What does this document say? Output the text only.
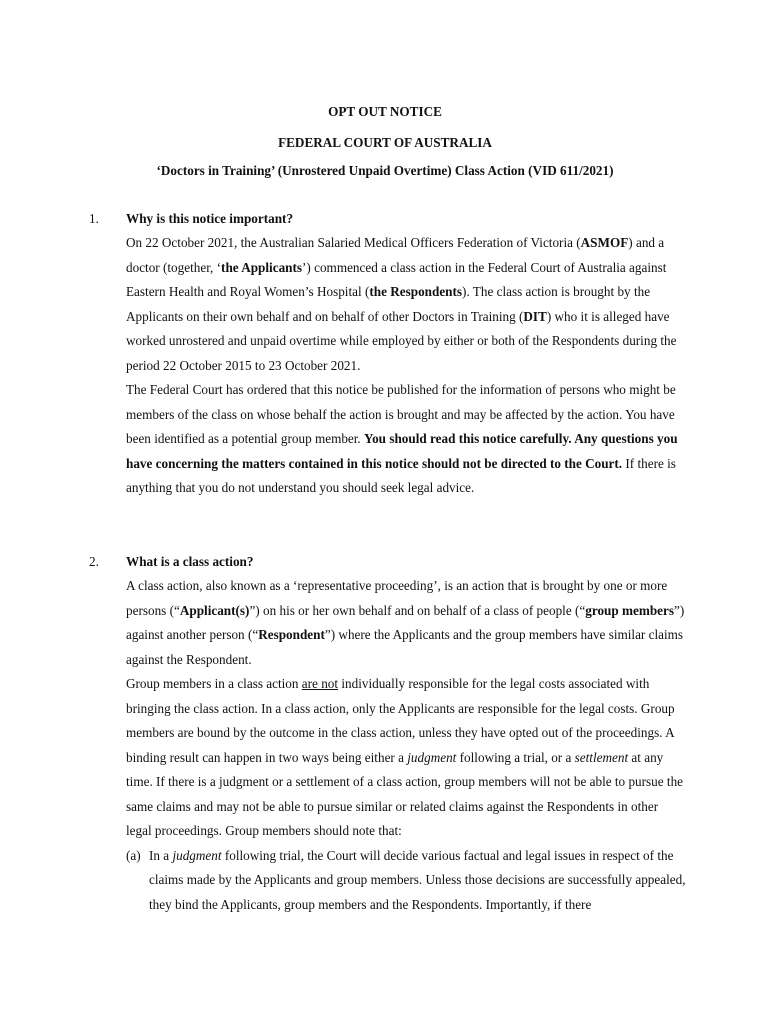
OPT OUT NOTICE
FEDERAL COURT OF AUSTRALIA
‘Doctors in Training’ (Unrostered Unpaid Overtime) Class Action (VID 611/2021)
1. Why is this notice important?

On 22 October 2021, the Australian Salaried Medical Officers Federation of Victoria (ASMOF) and a doctor (together, ‘the Applicants’) commenced a class action in the Federal Court of Australia against Eastern Health and Royal Women’s Hospital (the Respondents). The class action is brought by the Applicants on their own behalf and on behalf of other Doctors in Training (DIT) who it is alleged have worked unrostered and unpaid overtime while employed by either or both of the Respondents during the period 22 October 2015 to 23 October 2021.

The Federal Court has ordered that this notice be published for the information of persons who might be members of the class on whose behalf the action is brought and may be affected by the action. You have been identified as a potential group member. You should read this notice carefully. Any questions you have concerning the matters contained in this notice should not be directed to the Court. If there is anything that you do not understand you should seek legal advice.

2. What is a class action?

A class action, also known as a ‘representative proceeding’, is an action that is brought by one or more persons (“Applicant(s)”) on his or her own behalf and on behalf of a class of people (“group members”) against another person (“Respondent”) where the Applicants and the group members have similar claims against the Respondent.

Group members in a class action are not individually responsible for the legal costs associated with bringing the class action. In a class action, only the Applicants are responsible for the legal costs. Group members are bound by the outcome in the class action, unless they have opted out of the proceedings. A binding result can happen in two ways being either a judgment following a trial, or a settlement at any time. If there is a judgment or a settlement of a class action, group members will not be able to pursue the same claims and may not be able to pursue similar or related claims against the Respondents in other legal proceedings. Group members should note that:

(a) In a judgment following trial, the Court will decide various factual and legal issues in respect of the claims made by the Applicants and group members. Unless those decisions are successfully appealed, they bind the Applicants, group members and the Respondents. Importantly, if there
